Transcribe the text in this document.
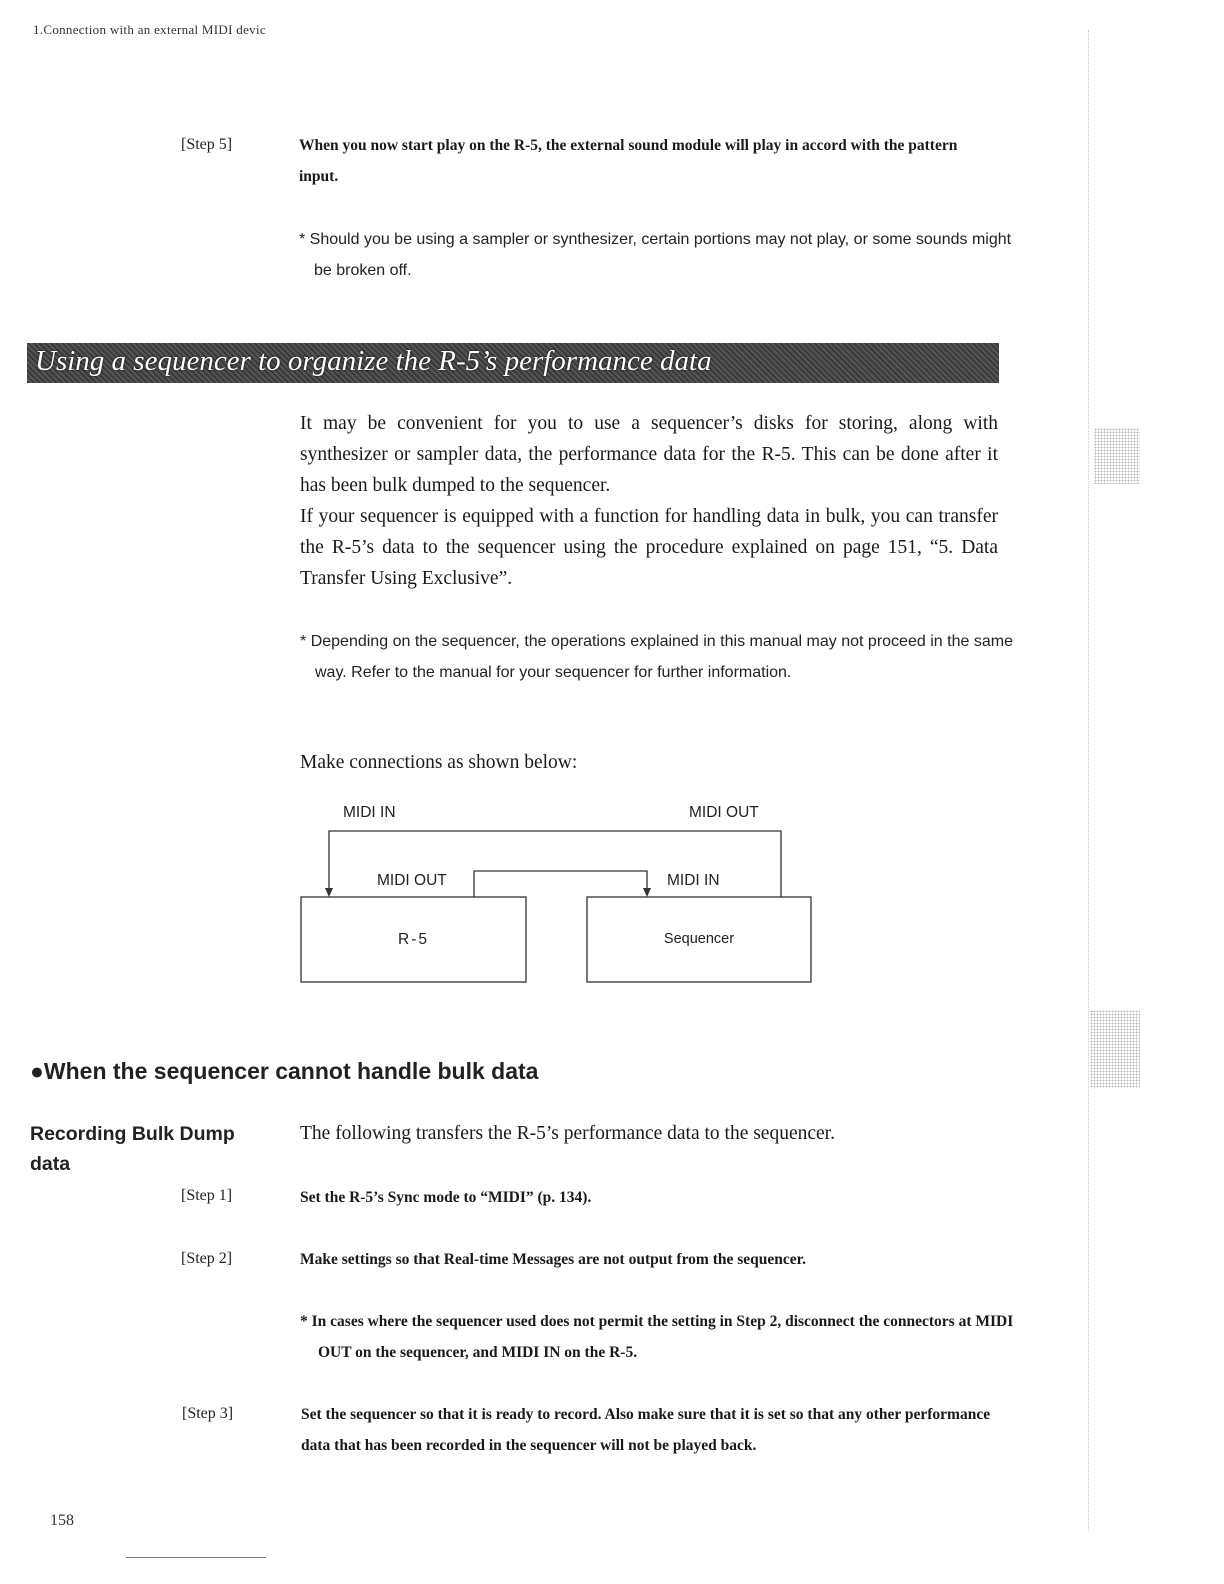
1.Connection with an external MIDI devic
[Step 5]	When you now start play on the R-5, the external sound module will play in accord with the pattern input.
* Should you be using a sampler or synthesizer, certain portions may not play, or some sounds might be broken off.
Using a sequencer to organize the R-5’s performance data
It may be convenient for you to use a sequencer’s disks for storing, along with synthesizer or sampler data, the performance data for the R-5. This can be done after it has been bulk dumped to the sequencer.
If your sequencer is equipped with a function for handling data in bulk, you can transfer the R-5’s data to the sequencer using the procedure explained on page 151, “5. Data Transfer Using Exclusive”.
* Depending on the sequencer, the operations explained in this manual may not proceed in the same way. Refer to the manual for your sequencer for further information.
Make connections as shown below:
MIDI IN	MIDI OUT
MIDI OUT	MIDI IN
R-5	Sequencer
●When the sequencer cannot handle bulk data
Recording Bulk Dump data
The following transfers the R-5’s performance data to the sequencer.
[Step 1]	Set the R-5’s Sync mode to “MIDI” (p. 134).
[Step 2]	Make settings so that Real-time Messages are not output from the sequencer.
* In cases where the sequencer used does not permit the setting in Step 2, disconnect the connectors at MIDI OUT on the sequencer, and MIDI IN on the R-5.
[Step 3]	Set the sequencer so that it is ready to record. Also make sure that it is set so that any other performance data that has been recorded in the sequencer will not be played back.
158
